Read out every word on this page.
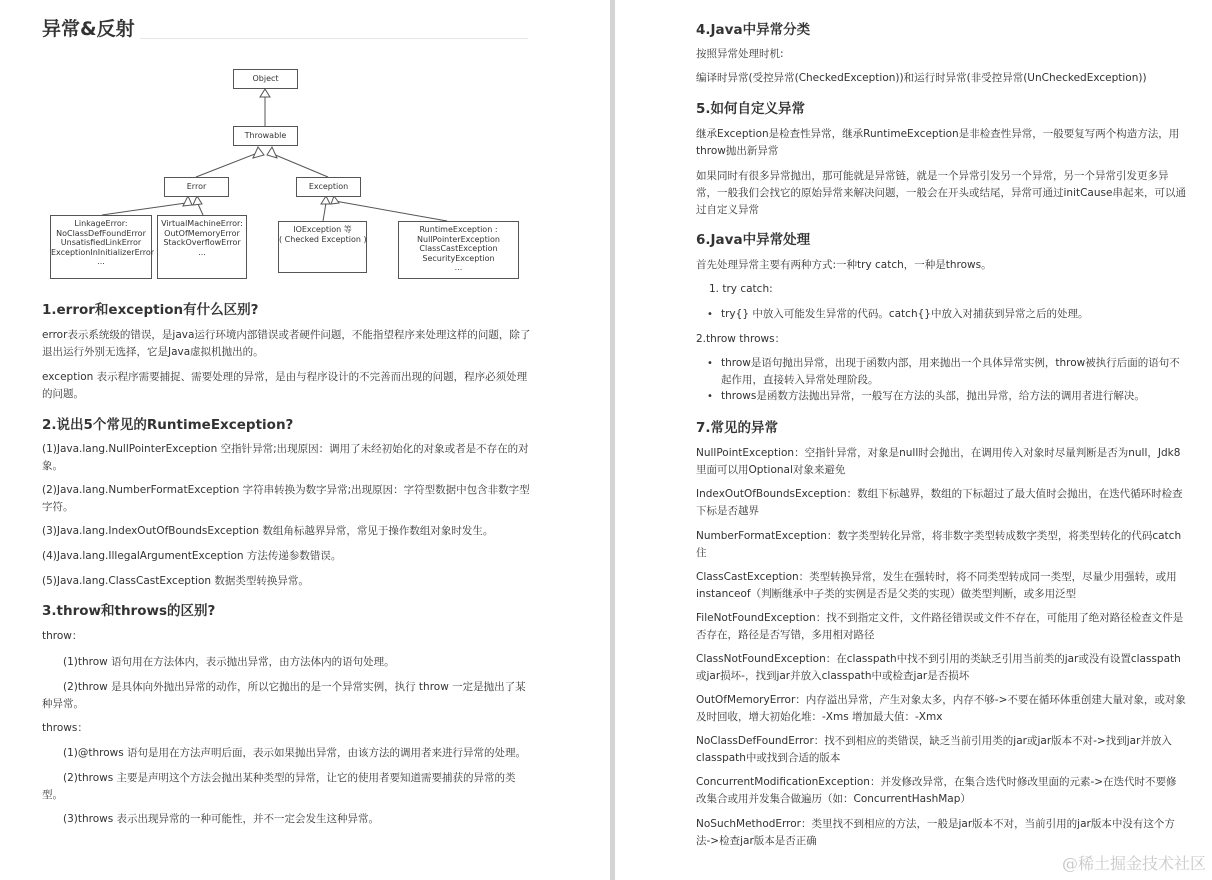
异常&反射
Object
Throwable
Error	Exception
LinkageError:
NoClassDefFoundError
UnsatisfiedLinkError
ExceptionInInitializerError
...
VirtualMachineError:
OutOfMemoryError
StackOverflowError
...
IOException 等
( Checked Exception )
RuntimeException :
NullPointerException
ClassCastException
SecurityException
...
1.error和exception有什么区别?

error表示系统级的错误，是java运行环境内部错误或者硬件问题，不能指望程序来处理这样的问题，除了退出运行外别无选择，它是Java虚拟机抛出的。

exception 表示程序需要捕捉、需要处理的异常，是由与程序设计的不完善而出现的问题，程序必须处理的问题。

2.说出5个常见的RuntimeException?

(1)Java.lang.NullPointerException 空指针异常;出现原因：调用了未经初始化的对象或者是不存在的对象。

(2)Java.lang.NumberFormatException 字符串转换为数字异常;出现原因：字符型数据中包含非数字型字符。

(3)Java.lang.IndexOutOfBoundsException 数组角标越界异常，常见于操作数组对象时发生。

(4)Java.lang.IllegalArgumentException 方法传递参数错误。

(5)Java.lang.ClassCastException 数据类型转换异常。

3.throw和throws的区别?

throw：

(1)throw 语句用在方法体内，表示抛出异常，由方法体内的语句处理。

(2)throw 是具体向外抛出异常的动作，所以它抛出的是一个异常实例，执行 throw 一定是抛出了某种异常。

throws：

(1)@throws 语句是用在方法声明后面，表示如果抛出异常，由该方法的调用者来进行异常的处理。

(2)throws 主要是声明这个方法会抛出某种类型的异常，让它的使用者要知道需要捕获的异常的类型。

(3)throws 表示出现异常的一种可能性，并不一定会发生这种异常。

4.Java中异常分类

按照异常处理时机:

编译时异常(受控异常(CheckedException))和运行时异常(非受控异常(UnCheckedException))

5.如何自定义异常

继承Exception是检查性异常，继承RuntimeException是非检查性异常，一般要复写两个构造方法，用throw抛出新异常

如果同时有很多异常抛出，那可能就是异常链，就是一个异常引发另一个异常，另一个异常引发更多异常，一般我们会找它的原始异常来解决问题，一般会在开头或结尾，异常可通过initCause串起来，可以通过自定义异常

6.Java中异常处理

首先处理异常主要有两种方式:一种try catch，一种是throws。

1. try catch:

• try{} 中放入可能发生异常的代码。catch{}中放入对捕获到异常之后的处理。

2.throw throws：

• throw是语句抛出异常，出现于函数内部，用来抛出一个具体异常实例，throw被执行后面的语句不起作用，直接转入异常处理阶段。

• throws是函数方法抛出异常，一般写在方法的头部，抛出异常，给方法的调用者进行解决。

7.常见的异常

NullPointException：空指针异常，对象是null时会抛出，在调用传入对象时尽量判断是否为null，Jdk8里面可以用Optional对象来避免

IndexOutOfBoundsException：数组下标越界，数组的下标超过了最大值时会抛出，在迭代循环时检查下标是否越界

NumberFormatException：数字类型转化异常，将非数字类型转成数字类型，将类型转化的代码catch住

ClassCastException：类型转换异常，发生在强转时，将不同类型转成同一类型，尽量少用强转，或用instanceof（判断继承中子类的实例是否是父类的实现）做类型判断，或多用泛型

FileNotFoundException：找不到指定文件，文件路径错误或文件不存在，可能用了绝对路径检查文件是否存在，路径是否写错，多用相对路径

ClassNotFoundException：在classpath中找不到引用的类缺乏引用当前类的jar或没有设置classpath或jar损坏-，找到jar并放入classpath中或检查jar是否损坏

OutOfMemoryError：内存溢出异常，产生对象太多，内存不够->不要在循环体重创建大量对象，或对象及时回收，增大初始化堆：-Xms 增加最大值：-Xmx

NoClassDefFoundError：找不到相应的类错误，缺乏当前引用类的jar或jar版本不对->找到jar并放入classpath中或找到合适的版本

ConcurrentModificationException：并发修改异常，在集合迭代时修改里面的元素->在迭代时不要修改集合或用并发集合做遍历（如：ConcurrentHashMap）

NoSuchMethodError：类里找不到相应的方法，一般是jar版本不对，当前引用的jar版本中没有这个方法->检查jar版本是否正确

@稀土掘金技术社区
